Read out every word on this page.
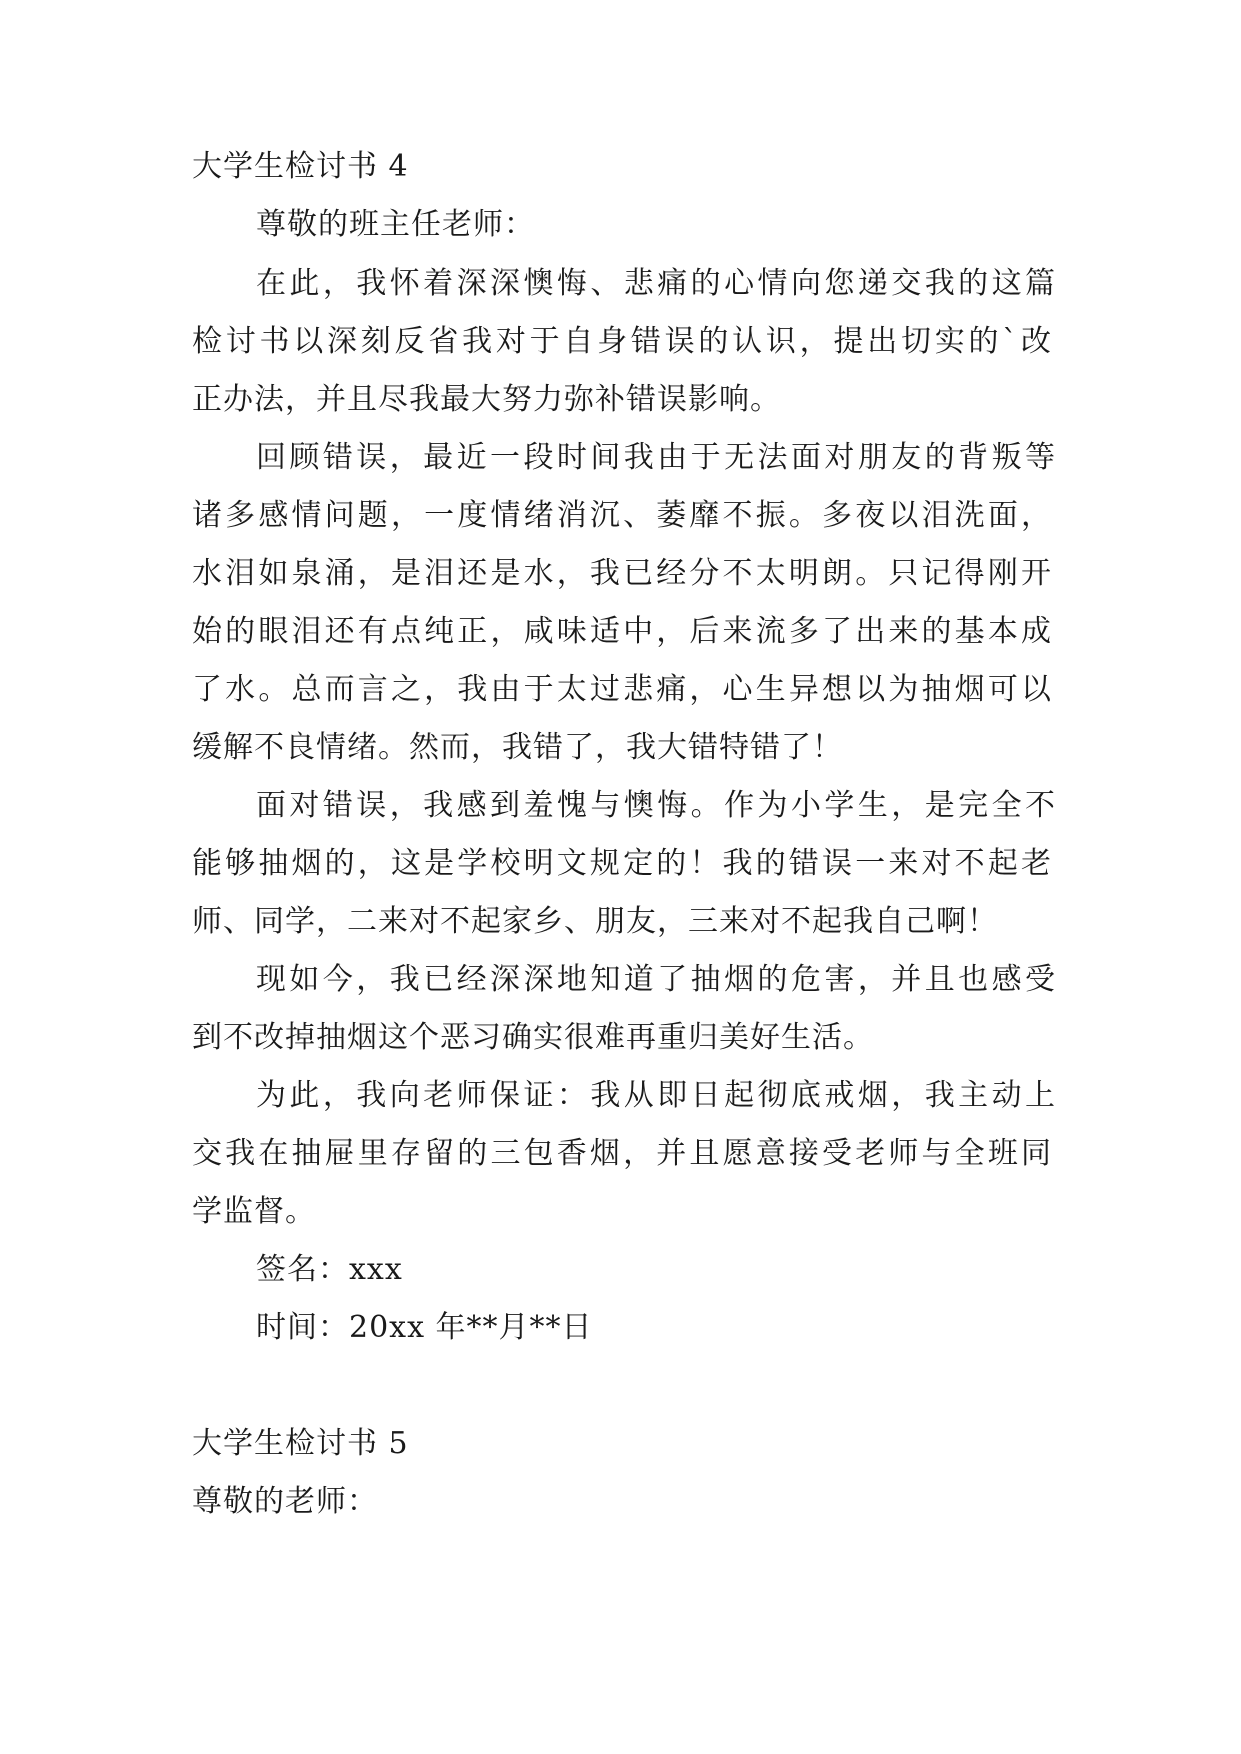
大学生检讨书 4
尊敬的班主任老师：
在此，我怀着深深懊悔、悲痛的心情向您递交我的这篇
检讨书以深刻反省我对于自身错误的认识，提出切实的`改
正办法，并且尽我最大努力弥补错误影响。
回顾错误，最近一段时间我由于无法面对朋友的背叛等
诸多感情问题，一度情绪消沉、萎靡不振。多夜以泪洗面，
水泪如泉涌，是泪还是水，我已经分不太明朗。只记得刚开
始的眼泪还有点纯正，咸味适中，后来流多了出来的基本成
了水。总而言之，我由于太过悲痛，心生异想以为抽烟可以
缓解不良情绪。然而，我错了，我大错特错了！
面对错误，我感到羞愧与懊悔。作为小学生，是完全不
能够抽烟的，这是学校明文规定的！我的错误一来对不起老
师、同学，二来对不起家乡、朋友，三来对不起我自己啊！
现如今，我已经深深地知道了抽烟的危害，并且也感受
到不改掉抽烟这个恶习确实很难再重归美好生活。
为此，我向老师保证：我从即日起彻底戒烟，我主动上
交我在抽屉里存留的三包香烟，并且愿意接受老师与全班同
学监督。
签名：xxx
时间：20xx 年**月**日
大学生检讨书 5
尊敬的老师：
